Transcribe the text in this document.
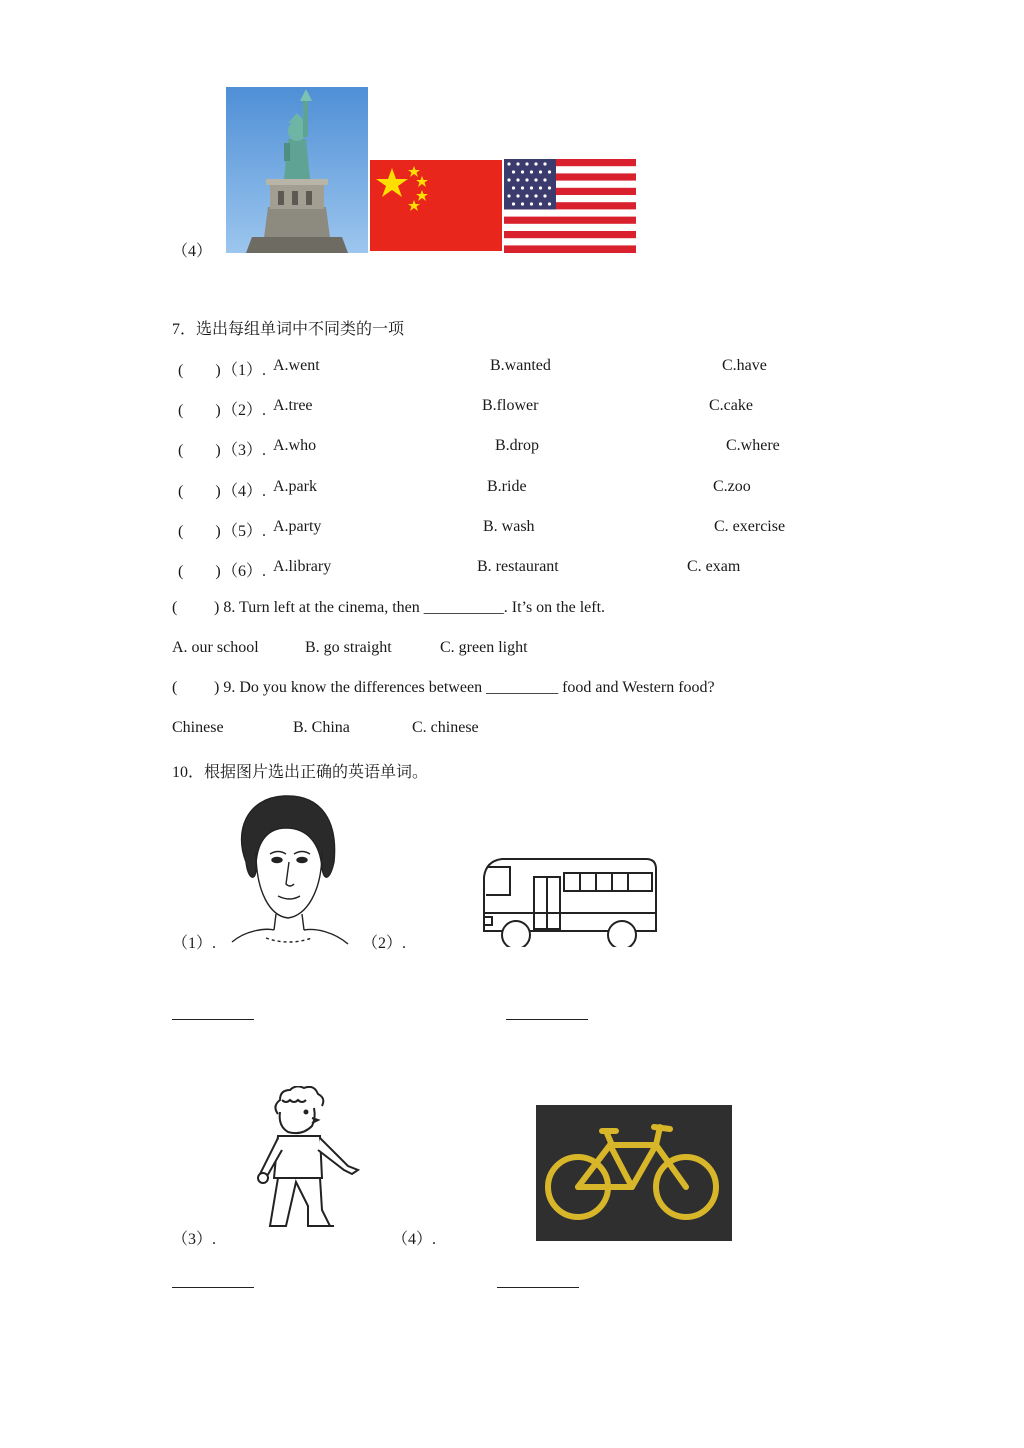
（4）
7．选出每组单词中不同类的一项
(　　) （1）. A.went	B.wanted	C.have
(　　) （2）. A.tree	B.flower	C.cake
(　　) （3）. A.who	B.drop	C.where
(　　) （4）. A.park	B.ride	C.zoo
(　　) （5）. A.party	B. wash	C. exercise
(　　) （6）. A.library	B. restaurant	C. exam
( ) 8. Turn left at the cinema, then __________. It’s on the left.
A. our school	B. go straight	C. green light
( ) 9. Do you know the differences between _________ food and Western food?
Chinese	B. China	C. chinese
10．根据图片选出正确的英语单词。
（1）.	（2）.
（3）.	（4）.
